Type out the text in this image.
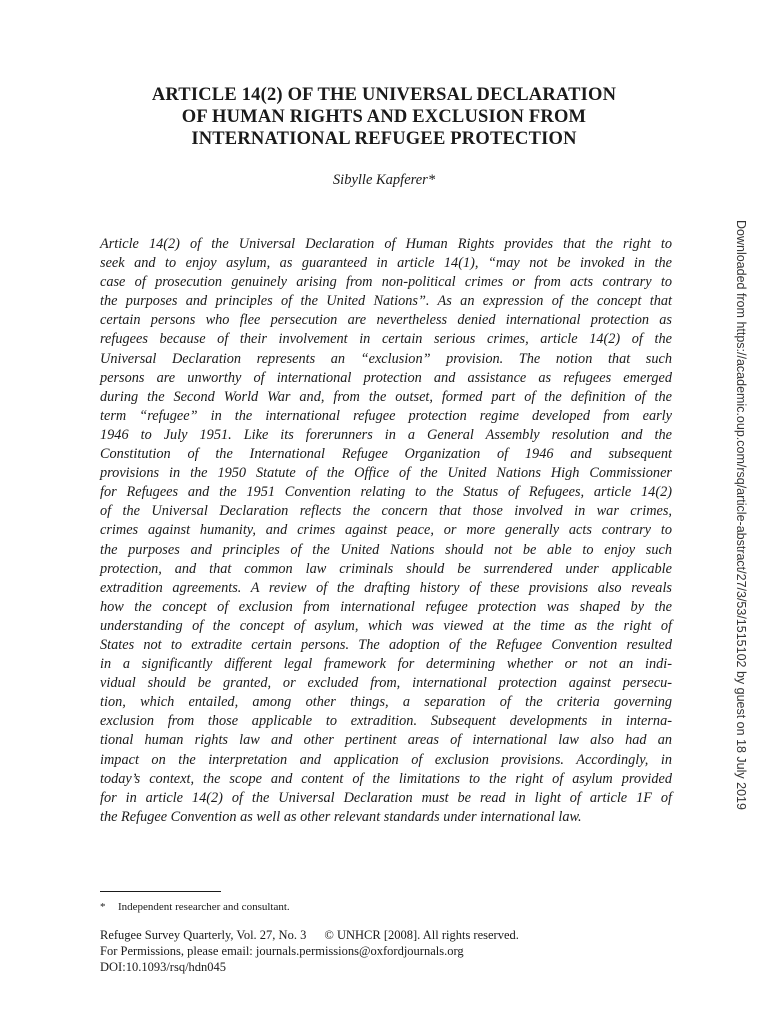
ARTICLE 14(2) OF THE UNIVERSAL DECLARATION
OF HUMAN RIGHTS AND EXCLUSION FROM
INTERNATIONAL REFUGEE PROTECTION
Sibylle Kapferer*
Article 14(2) of the Universal Declaration of Human Rights provides that the right to
seek and to enjoy asylum, as guaranteed in article 14(1), “may not be invoked in the
case of prosecution genuinely arising from non-political crimes or from acts contrary to
the purposes and principles of the United Nations”. As an expression of the concept that
certain persons who flee persecution are nevertheless denied international protection as
refugees because of their involvement in certain serious crimes, article 14(2) of the
Universal Declaration represents an “exclusion” provision. The notion that such
persons are unworthy of international protection and assistance as refugees emerged
during the Second World War and, from the outset, formed part of the definition of the
term “refugee” in the international refugee protection regime developed from early
1946 to July 1951. Like its forerunners in a General Assembly resolution and the
Constitution of the International Refugee Organization of 1946 and subsequent
provisions in the 1950 Statute of the Office of the United Nations High Commissioner
for Refugees and the 1951 Convention relating to the Status of Refugees, article 14(2)
of the Universal Declaration reflects the concern that those involved in war crimes,
crimes against humanity, and crimes against peace, or more generally acts contrary to
the purposes and principles of the United Nations should not be able to enjoy such
protection, and that common law criminals should be surrendered under applicable
extradition agreements. A review of the drafting history of these provisions also reveals
how the concept of exclusion from international refugee protection was shaped by the
understanding of the concept of asylum, which was viewed at the time as the right of
States not to extradite certain persons. The adoption of the Refugee Convention resulted
in a significantly different legal framework for determining whether or not an indi-
vidual should be granted, or excluded from, international protection against persecu-
tion, which entailed, among other things, a separation of the criteria governing
exclusion from those applicable to extradition. Subsequent developments in interna-
tional human rights law and other pertinent areas of international law also had an
impact on the interpretation and application of exclusion provisions. Accordingly, in
today’s context, the scope and content of the limitations to the right of asylum provided
for in article 14(2) of the Universal Declaration must be read in light of article 1F of
the Refugee Convention as well as other relevant standards under international law.
* Independent researcher and consultant.
Refugee Survey Quarterly, Vol. 27, No. 3 © UNHCR [2008]. All rights reserved.
For Permissions, please email: journals.permissions@oxfordjournals.org
DOI:10.1093/rsq/hdn045
Downloaded from https://academic.oup.com/rsq/article-abstract/27/3/53/1515102 by guest on 18 July 2019
